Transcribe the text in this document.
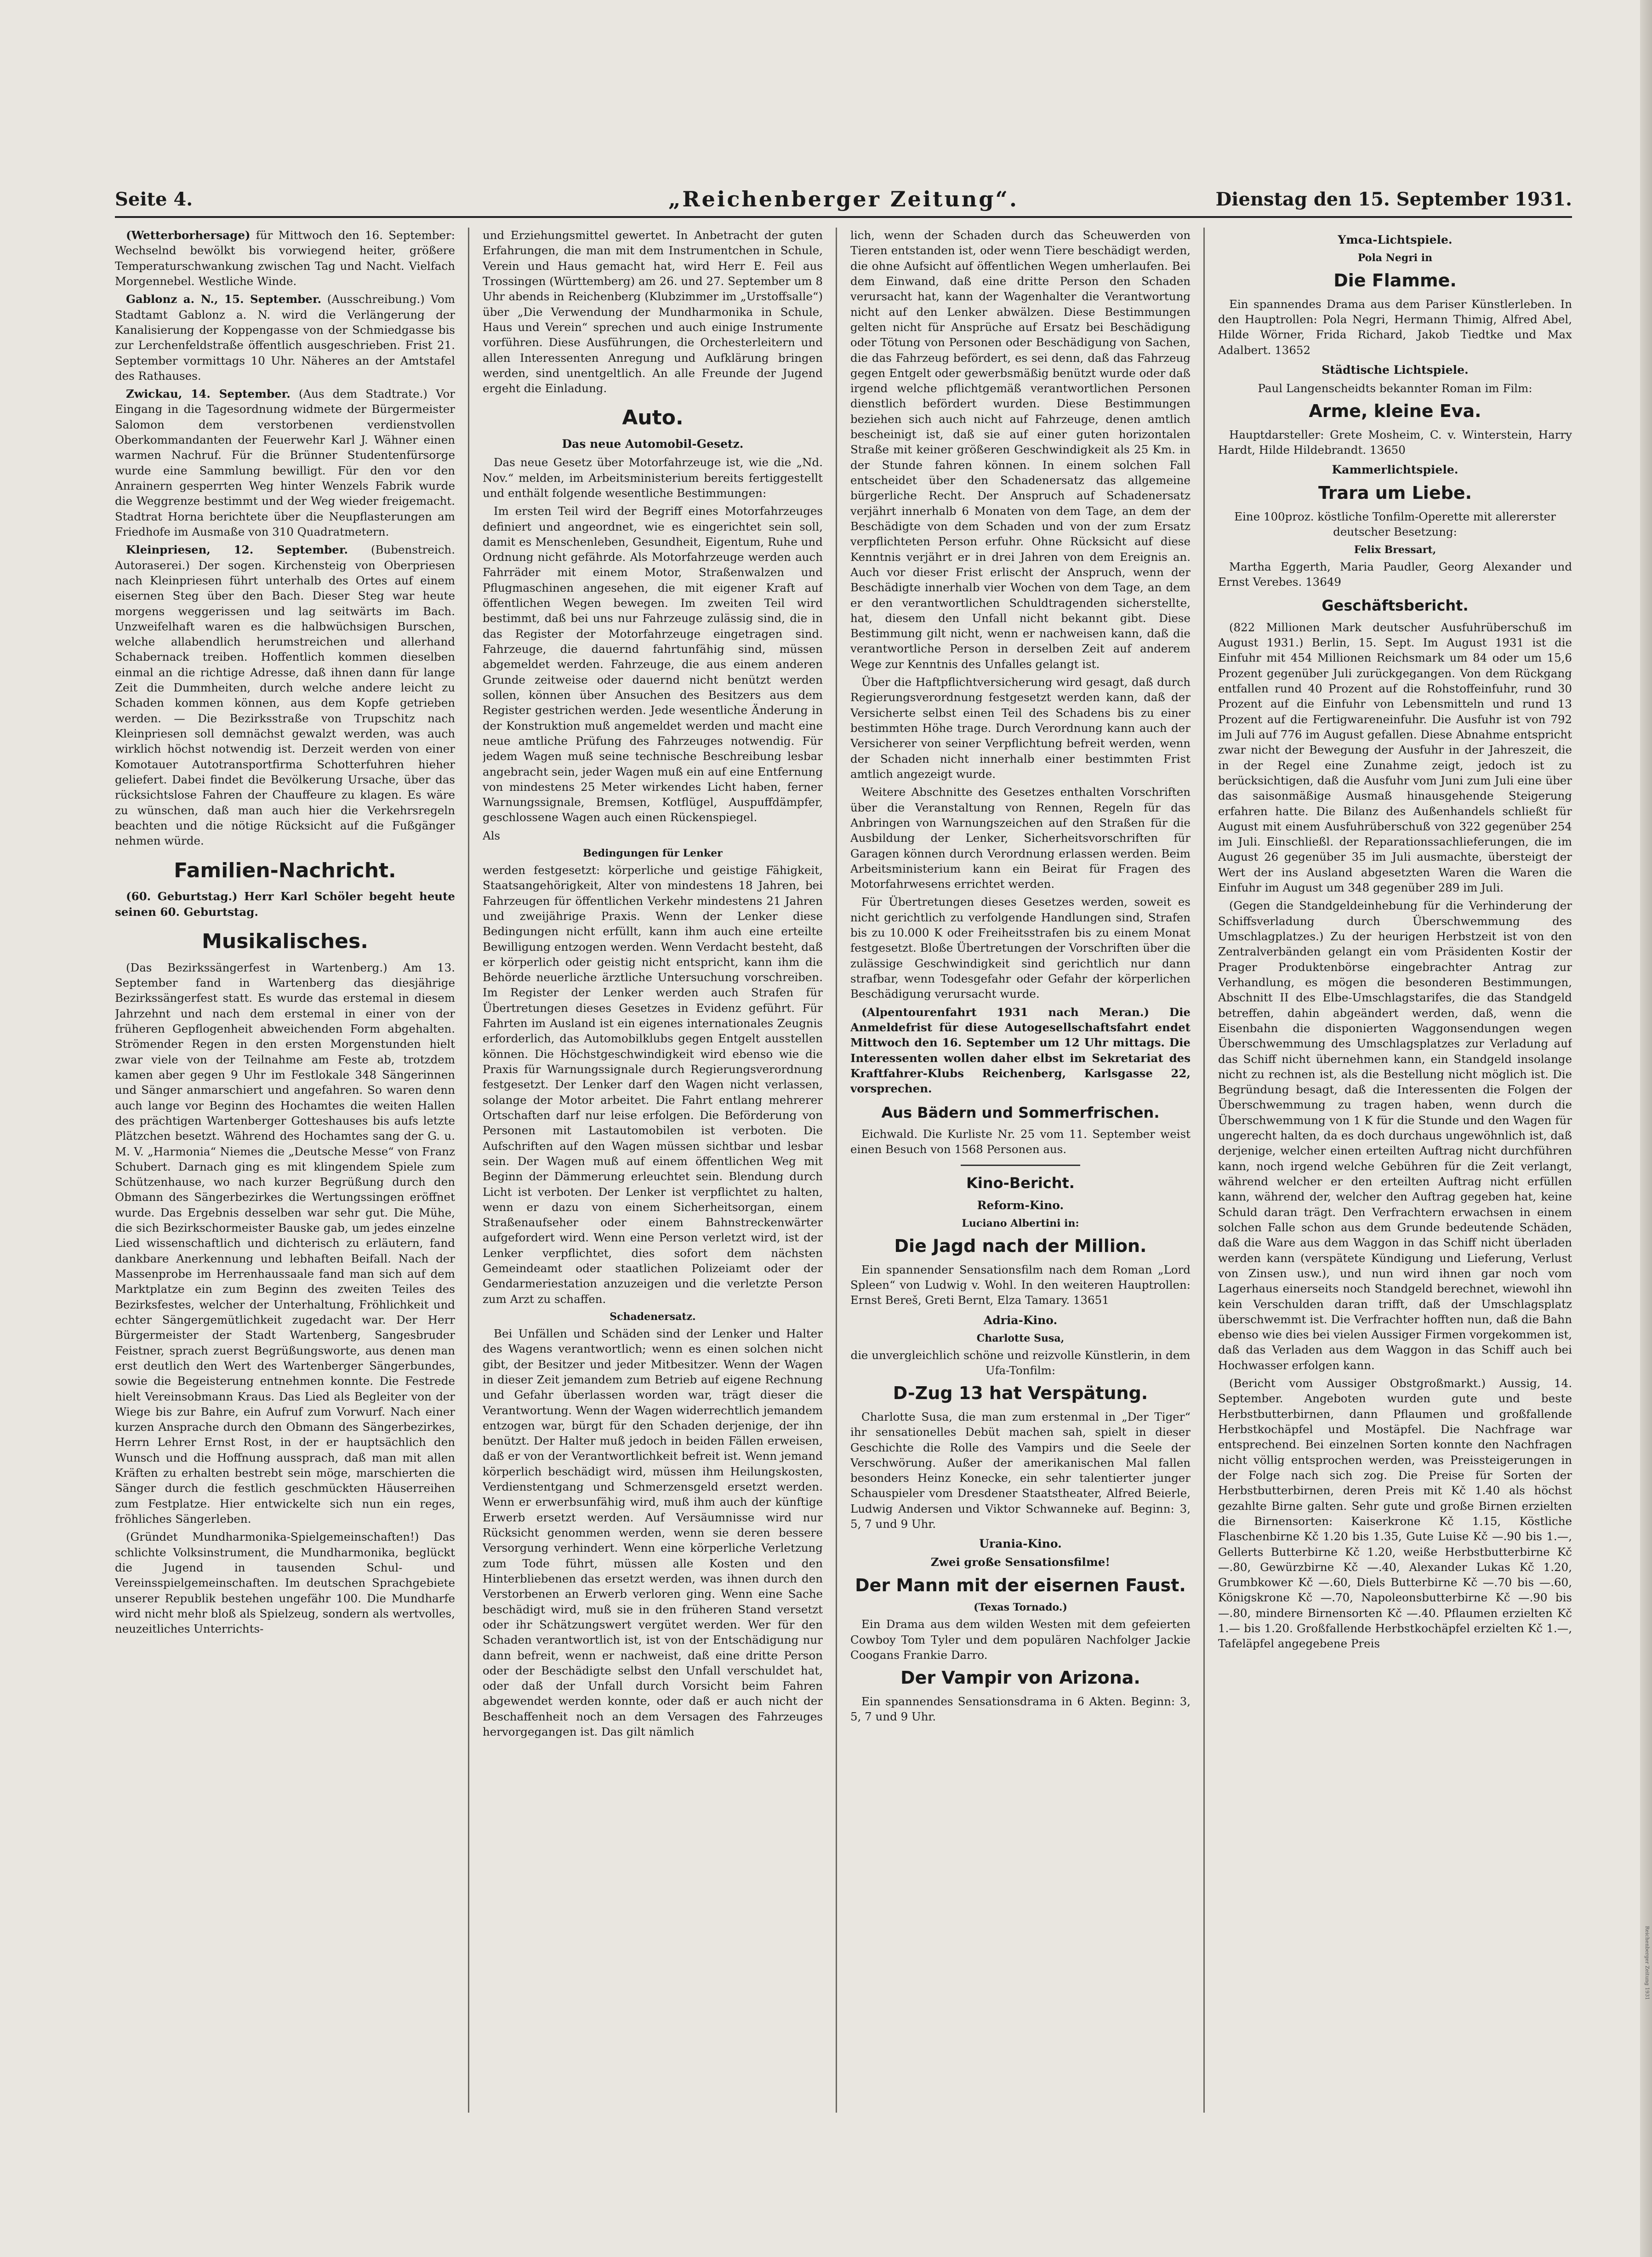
Seite 4.	„Reichenberger Zeitung“.	Dienstag den 15. September 1931.

(Wetterborhersage) für Mittwoch den 16. September: Wechselnd bewölkt bis vorwiegend heiter, größere Temperaturschwankung zwischen Tag und Nacht. Vielfach Morgennebel. Westliche Winde.

Gablonz a. N., 15. September. (Ausschreibung.) Vom Stadtamt Gablonz a. N. wird die Verlängerung der Kanalisierung der Koppengasse von der Schmiedgasse bis zur Lerchenfeldstraße öffentlich ausgeschrieben. Frist 21. September vormittags 10 Uhr. Näheres an der Amtstafel des Rathauses.

Zwickau, 14. September. (Aus dem Stadtrate.) Vor Eingang in die Tagesordnung widmete der Bürgermeister Salomon dem verstorbenen verdienstvollen Oberkommandanten der Feuerwehr Karl J. Wähner einen warmen Nachruf. Für die Brünner Studentenfürsorge wurde eine Sammlung bewilligt. Für den vor den Anrainern gesperrten Weg hinter Wenzels Fabrik wurde die Weggrenze bestimmt und der Weg wieder freigemacht. Stadtrat Horna berichtete über die Neupflasterungen am Friedhofe im Ausmaße von 310 Quadratmetern.

Kleinpriesen, 12. September. (Bubenstreich. Autoraserei.) Der sogen. Kirchensteig von Oberpriesen nach Kleinpriesen führt unterhalb des Ortes auf einem eisernen Steg über den Bach. Dieser Steg war heute morgens weggerissen und lag seitwärts im Bach. Unzweifelhaft waren es die halbwüchsigen Burschen, welche allabendlich herumstreichen und allerhand Schabernack treiben. Hoffentlich kommen dieselben einmal an die richtige Adresse, daß ihnen dann für lange Zeit die Dummheiten, durch welche andere leicht zu Schaden kommen können, aus dem Kopfe getrieben werden. — Die Bezirksstraße von Trupschitz nach Kleinpriesen soll demnächst gewalzt werden, was auch wirklich höchst notwendig ist. Derzeit werden von einer Komotauer Autotransportfirma Schotterfuhren hieher geliefert. Dabei findet die Bevölkerung Ursache, über das rücksichtslose Fahren der Chauffeure zu klagen. Es wäre zu wünschen, daß man auch hier die Verkehrsregeln beachten und die nötige Rücksicht auf die Fußgänger nehmen würde.

Familien-Nachricht.

(60. Geburtstag.) Herr Karl Schöler begeht heute seinen 60. Geburtstag.

Musikalisches.

(Das Bezirkssängerfest in Wartenberg.) Am 13. September fand in Wartenberg das diesjährige Bezirkssängerfest statt. Es wurde das erstemal in diesem Jahrzehnt und nach dem erstemal in einer von der früheren Gepflogenheit abweichenden Form abgehalten. Strömender Regen in den ersten Morgenstunden hielt zwar viele von der Teilnahme am Feste ab, trotzdem kamen aber gegen 9 Uhr im Festlokale 348 Sängerinnen und Sänger anmarschiert und angefahren. So waren denn auch lange vor Beginn des Hochamtes die weiten Hallen des prächtigen Wartenberger Gotteshauses bis aufs letzte Plätzchen besetzt. Während des Hochamtes sang der G. u. M. V. „Harmonia“ Niemes die „Deutsche Messe“ von Franz Schubert. Darnach ging es mit klingendem Spiele zum Schützenhause, wo nach kurzer Begrüßung durch den Obmann des Sängerbezirkes die Wertungssingen eröffnet wurde. Das Ergebnis desselben war sehr gut. Die Mühe, die sich Bezirkschormeister Bauske gab, um jedes einzelne Lied wissenschaftlich und dichterisch zu erläutern, fand dankbare Anerkennung und lebhaften Beifall. Nach der Massenprobe im Herrenhaussaale fand man sich auf dem Marktplatze ein zum Beginn des zweiten Teiles des Bezirksfestes, welcher der Unterhaltung, Fröhlichkeit und echter Sängergemütlichkeit zugedacht war. Der Herr Bürgermeister der Stadt Wartenberg, Sangesbruder Feistner, sprach zuerst Begrüßungsworte, aus denen man erst deutlich den Wert des Wartenberger Sängerbundes, sowie die Begeisterung entnehmen konnte. Die Festrede hielt Vereinsobmann Kraus. Das Lied als Begleiter von der Wiege bis zur Bahre, ein Aufruf zum Vorwurf. Nach einer kurzen Ansprache durch den Obmann des Sängerbezirkes, Herrn Lehrer Ernst Rost, in der er hauptsächlich den Wunsch und die Hoffnung aussprach, daß man mit allen Kräften zu erhalten bestrebt sein möge, marschierten die Sänger durch die festlich geschmückten Häuserreihen zum Festplatze. Hier entwickelte sich nun ein reges, fröhliches Sängerleben.

(Gründet Mundharmonika-Spielgemeinschaften!) Das schlichte Volksinstrument, die Mundharmonika, beglückt die Jugend in tausenden Schul- und Vereinsspielgemeinschaften. Im deutschen Sprachgebiete unserer Republik bestehen ungefähr 100. Die Mundharfe wird nicht mehr bloß als Spielzeug, sondern als wertvolles, neuzeitliches Unterrichts-

und Erziehungsmittel gewertet. In Anbetracht der guten Erfahrungen, die man mit dem Instrumentchen in Schule, Verein und Haus gemacht hat, wird Herr E. Feil aus Trossingen (Württemberg) am 26. und 27. September um 8 Uhr abends in Reichenberg (Klubzimmer im „Urstoffsalle“) über „Die Verwendung der Mundharmonika in Schule, Haus und Verein“ sprechen und auch einige Instrumente vorführen. Diese Ausführungen, die Orchesterleitern und allen Interessenten Anregung und Aufklärung bringen werden, sind unentgeltlich. An alle Freunde der Jugend ergeht die Einladung.

Auto.
Das neue Automobil-Gesetz.

Das neue Gesetz über Motorfahrzeuge ist, wie die „Nd. Nov.“ melden, im Arbeitsministerium bereits fertiggestellt und enthält folgende wesentliche Bestimmungen:

Im ersten Teil wird der Begriff eines Motorfahrzeuges definiert und angeordnet, wie es eingerichtet sein soll, damit es Menschenleben, Gesundheit, Eigentum, Ruhe und Ordnung nicht gefährde. Als Motorfahrzeuge werden auch Fahrräder mit einem Motor, Straßenwalzen und Pflugmaschinen angesehen, die mit eigener Kraft auf öffentlichen Wegen bewegen. Im zweiten Teil wird bestimmt, daß bei uns nur Fahrzeuge zulässig sind, die in das Register der Motorfahrzeuge eingetragen sind. Fahrzeuge, die dauernd fahrtunfähig sind, müssen abgemeldet werden. Fahrzeuge, die aus einem anderen Grunde zeitweise oder dauernd nicht benützt werden sollen, können über Ansuchen des Besitzers aus dem Register gestrichen werden. Jede wesentliche Änderung in der Konstruktion muß angemeldet werden und macht eine neue amtliche Prüfung des Fahrzeuges notwendig. Für jedem Wagen muß seine technische Beschreibung lesbar angebracht sein, jeder Wagen muß ein auf eine Entfernung von mindestens 25 Meter wirkendes Licht haben, ferner Warnungssignale, Bremsen, Kotflügel, Auspuffdämpfer, geschlossene Wagen auch einen Rückenspiegel.

Als

Bedingungen für Lenker

werden festgesetzt: körperliche und geistige Fähigkeit, Staatsangehörigkeit, Alter von mindestens 18 Jahren, bei Fahrzeugen für öffentlichen Verkehr mindestens 21 Jahren und zweijährige Praxis. Wenn der Lenker diese Bedingungen nicht erfüllt, kann ihm auch eine erteilte Bewilligung entzogen werden. Wenn Verdacht besteht, daß er körperlich oder geistig nicht entspricht, kann ihm die Behörde neuerliche ärztliche Untersuchung vorschreiben. Im Register der Lenker werden auch Strafen für Übertretungen dieses Gesetzes in Evidenz geführt. Für Fahrten im Ausland ist ein eigenes internationales Zeugnis erforderlich, das Automobilklubs gegen Entgelt ausstellen können. Die Höchstgeschwindigkeit wird ebenso wie die Praxis für Warnungssignale durch Regierungsverordnung festgesetzt. Der Lenker darf den Wagen nicht verlassen, solange der Motor arbeitet. Die Fahrt entlang mehrerer Ortschaften darf nur leise erfolgen. Die Beförderung von Personen mit Lastautomobilen ist verboten. Die Aufschriften auf den Wagen müssen sichtbar und lesbar sein. Der Wagen muß auf einem öffentlichen Weg mit Beginn der Dämmerung erleuchtet sein. Blendung durch Licht ist verboten. Der Lenker ist verpflichtet zu halten, wenn er dazu von einem Sicherheitsorgan, einem Straßenaufseher oder einem Bahnstreckenwärter aufgefordert wird. Wenn eine Person verletzt wird, ist der Lenker verpflichtet, dies sofort dem nächsten Gemeindeamt oder staatlichen Polizeiamt oder der Gendarmeriestation anzuzeigen und die verletzte Person zum Arzt zu schaffen.

Schadenersatz.

Bei Unfällen und Schäden sind der Lenker und Halter des Wagens verantwortlich; wenn es einen solchen nicht gibt, der Besitzer und jeder Mitbesitzer. Wenn der Wagen in dieser Zeit jemandem zum Betrieb auf eigene Rechnung und Gefahr überlassen worden war, trägt dieser die Verantwortung. Wenn der Wagen widerrechtlich jemandem entzogen war, bürgt für den Schaden derjenige, der ihn benützt. Der Halter muß jedoch in beiden Fällen erweisen, daß er von der Verantwortlichkeit befreit ist. Wenn jemand körperlich beschädigt wird, müssen ihm Heilungskosten, Verdienstentgang und Schmerzensgeld ersetzt werden. Wenn er erwerbsunfähig wird, muß ihm auch der künftige Erwerb ersetzt werden. Auf Versäumnisse wird nur Rücksicht genommen werden, wenn sie deren bessere Versorgung verhindert. Wenn eine körperliche Verletzung zum Tode führt, müssen alle Kosten und den Hinterbliebenen das ersetzt werden, was ihnen durch den Verstorbenen an Erwerb verloren ging. Wenn eine Sache beschädigt wird, muß sie in den früheren Stand versetzt oder ihr Schätzungswert vergütet werden. Wer für den Schaden verantwortlich ist, ist von der Entschädigung nur dann befreit, wenn er nachweist, daß eine dritte Person oder der Beschädigte selbst den Unfall verschuldet hat, oder daß der Unfall durch Vorsicht beim Fahren abgewendet werden konnte, oder daß er auch nicht der Beschaffenheit noch an dem Versagen des Fahrzeuges hervorgegangen ist. Das gilt nämlich

lich, wenn der Schaden durch das Scheuwerden von Tieren entstanden ist, oder wenn Tiere beschädigt werden, die ohne Aufsicht auf öffentlichen Wegen umherlaufen. Bei dem Einwand, daß eine dritte Person den Schaden verursacht hat, kann der Wagenhalter die Verantwortung nicht auf den Lenker abwälzen. Diese Bestimmungen gelten nicht für Ansprüche auf Ersatz bei Beschädigung oder Tötung von Personen oder Beschädigung von Sachen, die das Fahrzeug befördert, es sei denn, daß das Fahrzeug gegen Entgelt oder gewerbsmäßig benützt wurde oder daß irgend welche pflichtgemäß verantwortlichen Personen dienstlich befördert wurden. Diese Bestimmungen beziehen sich auch nicht auf Fahrzeuge, denen amtlich bescheinigt ist, daß sie auf einer guten horizontalen Straße mit keiner größeren Geschwindigkeit als 25 Km. in der Stunde fahren können. In einem solchen Fall entscheidet über den Schadenersatz das allgemeine bürgerliche Recht. Der Anspruch auf Schadenersatz verjährt innerhalb 6 Monaten von dem Tage, an dem der Beschädigte von dem Schaden und von der zum Ersatz verpflichteten Person erfuhr. Ohne Rücksicht auf diese Kenntnis verjährt er in drei Jahren von dem Ereignis an. Auch vor dieser Frist erlischt der Anspruch, wenn der Beschädigte innerhalb vier Wochen von dem Tage, an dem er den verantwortlichen Schuldtragenden sicherstellte, hat, diesem den Unfall nicht bekannt gibt. Diese Bestimmung gilt nicht, wenn er nachweisen kann, daß die verantwortliche Person in derselben Zeit auf anderem Wege zur Kenntnis des Unfalles gelangt ist.

Über die Haftpflichtversicherung wird gesagt, daß durch Regierungsverordnung festgesetzt werden kann, daß der Versicherte selbst einen Teil des Schadens bis zu einer bestimmten Höhe trage. Durch Verordnung kann auch der Versicherer von seiner Verpflichtung befreit werden, wenn der Schaden nicht innerhalb einer bestimmten Frist amtlich angezeigt wurde.

Weitere Abschnitte des Gesetzes enthalten Vorschriften über die Veranstaltung von Rennen, Regeln für das Anbringen von Warnungszeichen auf den Straßen für die Ausbildung der Lenker, Sicherheitsvorschriften für Garagen können durch Verordnung erlassen werden. Beim Arbeitsministerium kann ein Beirat für Fragen des Motorfahrwesens errichtet werden.

Für Übertretungen dieses Gesetzes werden, soweit es nicht gerichtlich zu verfolgende Handlungen sind, Strafen bis zu 10.000 K oder Freiheitsstrafen bis zu einem Monat festgesetzt. Bloße Übertretungen der Vorschriften über die zulässige Geschwindigkeit sind gerichtlich nur dann strafbar, wenn Todesgefahr oder Gefahr der körperlichen Beschädigung verursacht wurde.

(Alpentourenfahrt 1931 nach Meran.) Die Anmeldefrist für diese Autogesellschaftsfahrt endet Mittwoch den 16. September um 12 Uhr mittags. Die Interessenten wollen daher elbst im Sekretariat des Kraftfahrer-Klubs Reichenberg, Karlsgasse 22, vorsprechen.

Aus Bädern und Sommerfrischen.

Eichwald. Die Kurliste Nr. 25 vom 11. September weist einen Besuch von 1568 Personen aus.

Kino-Bericht.
Reform-Kino.
Luciano Albertini in:
Die Jagd nach der Million.

Ein spannender Sensationsfilm nach dem Roman „Lord Spleen“ von Ludwig v. Wohl. In den weiteren Hauptrollen: Ernst Bereš, Greti Bernt, Elza Tamary. 13651

Adria-Kino.
Charlotte Susa,

die unvergleichlich schöne und reizvolle Künstlerin, in dem Ufa-Tonfilm:

D-Zug 13 hat Verspätung.

Charlotte Susa, die man zum erstenmal in „Der Tiger“ ihr sensationelles Debüt machen sah, spielt in dieser Geschichte die Rolle des Vampirs und die Seele der Verschwörung. Außer der amerikanischen Mal fallen besonders Heinz Konecke, ein sehr talentierter junger Schauspieler vom Dresdener Staatstheater, Alfred Beierle, Ludwig Andersen und Viktor Schwanneke auf. Beginn: 3, 5, 7 und 9 Uhr.

Urania-Kino.

Zwei große Sensationsfilme!

Der Mann mit der eisernen Faust.
(Texas Tornado.)

Ein Drama aus dem wilden Westen mit dem gefeierten Cowboy Tom Tyler und dem populären Nachfolger Jackie Coogans Frankie Darro.

Der Vampir von Arizona.

Ein spannendes Sensationsdrama in 6 Akten. Beginn: 3, 5, 7 und 9 Uhr.

Ymca-Lichtspiele.
Pola Negri in
Die Flamme.

Ein spannendes Drama aus dem Pariser Künstlerleben. In den Hauptrollen: Pola Negri, Hermann Thimig, Alfred Abel, Hilde Wörner, Frida Richard, Jakob Tiedtke und Max Adalbert. 13652

Städtische Lichtspiele.

Paul Langenscheidts bekannter Roman im Film:

Arme, kleine Eva.

Hauptdarsteller: Grete Mosheim, C. v. Winterstein, Harry Hardt, Hilde Hildebrandt. 13650

Kammerlichtspiele.
Trara um Liebe.

Eine 100proz. köstliche Tonfilm-Operette mit allererster deutscher Besetzung:

Felix Bressart,

Martha Eggerth, Maria Paudler, Georg Alexander und Ernst Verebes. 13649

Geschäftsbericht.

(822 Millionen Mark deutscher Ausfuhrüberschuß im August 1931.) Berlin, 15. Sept. Im August 1931 ist die Einfuhr mit 454 Millionen Reichsmark um 84 oder um 15,6 Prozent gegenüber Juli zurückgegangen. Von dem Rückgang entfallen rund 40 Prozent auf die Rohstoffeinfuhr, rund 30 Prozent auf die Einfuhr von Lebensmitteln und rund 13 Prozent auf die Fertigwareneinfuhr. Die Ausfuhr ist von 792 im Juli auf 776 im August gefallen. Diese Abnahme entspricht zwar nicht der Bewegung der Ausfuhr in der Jahreszeit, die in der Regel eine Zunahme zeigt, jedoch ist zu berücksichtigen, daß die Ausfuhr vom Juni zum Juli eine über das saisonmäßige Ausmaß hinausgehende Steigerung erfahren hatte. Die Bilanz des Außenhandels schließt für August mit einem Ausfuhrüberschuß von 322 gegenüber 254 im Juli. Einschließl. der Reparationssachlieferungen, die im August 26 gegenüber 35 im Juli ausmachte, übersteigt der Wert der ins Ausland abgesetzten Waren die Waren die Einfuhr im August um 348 gegenüber 289 im Juli.

(Gegen die Standgeldeinhebung für die Verhinderung der Schiffsverladung durch Überschwemmung des Umschlagplatzes.) Zu der heurigen Herbstzeit ist von den Zentralverbänden gelangt ein vom Präsidenten Kostir der Prager Produktenbörse eingebrachter Antrag zur Verhandlung, es mögen die besonderen Bestimmungen, Abschnitt II des Elbe-Umschlagstarifes, die das Standgeld betreffen, dahin abgeändert werden, daß, wenn die Eisenbahn die disponierten Waggonsendungen wegen Überschwemmung des Umschlagsplatzes zur Verladung auf das Schiff nicht übernehmen kann, ein Standgeld insolange nicht zu rechnen ist, als die Bestellung nicht möglich ist. Die Begründung besagt, daß die Interessenten die Folgen der Überschwemmung zu tragen haben, wenn durch die Überschwemmung von 1 K für die Stunde und den Wagen für ungerecht halten, da es doch durchaus ungewöhnlich ist, daß derjenige, welcher einen erteilten Auftrag nicht durchführen kann, noch irgend welche Gebühren für die Zeit verlangt, während welcher er den erteilten Auftrag nicht erfüllen kann, während der, welcher den Auftrag gegeben hat, keine Schuld daran trägt. Den Verfrachtern erwachsen in einem solchen Falle schon aus dem Grunde bedeutende Schäden, daß die Ware aus dem Waggon in das Schiff nicht überladen werden kann (verspätete Kündigung und Lieferung, Verlust von Zinsen usw.), und nun wird ihnen gar noch vom Lagerhaus einerseits noch Standgeld berechnet, wiewohl ihn kein Verschulden daran trifft, daß der Umschlagsplatz überschwemmt ist. Die Verfrachter hofften nun, daß die Bahn ebenso wie dies bei vielen Aussiger Firmen vorgekommen ist, daß das Verladen aus dem Waggon in das Schiff auch bei Hochwasser erfolgen kann.

(Bericht vom Aussiger Obstgroßmarkt.) Aussig, 14. September. Angeboten wurden gute und beste Herbstbutterbirnen, dann Pflaumen und großfallende Herbstkochäpfel und Mostäpfel. Die Nachfrage war entsprechend. Bei einzelnen Sorten konnte den Nachfragen nicht völlig entsprochen werden, was Preissteigerungen in der Folge nach sich zog. Die Preise für Sorten der Herbstbutterbirnen, deren Preis mit Kč 1.40 als höchst gezahlte Birne galten. Sehr gute und große Birnen erzielten die Birnensorten: Kaiserkrone Kč 1.15, Köstliche Flaschenbirne Kč 1.20 bis 1.35, Gute Luise Kč —.90 bis 1.—, Gellerts Butterbirne Kč 1.20, weiße Herbstbutterbirne Kč —.80, Gewürzbirne Kč —.40, Alexander Lukas Kč 1.20, Grumbkower Kč —.60, Diels Butterbirne Kč —.70 bis —.60, Königskrone Kč —.70, Napoleonsbutterbirne Kč —.90 bis —.80, mindere Birnensorten Kč —.40. Pflaumen erzielten Kč 1.— bis 1.20. Großfallende Herbstkochäpfel erzielten Kč 1.—, Tafeläpfel angegebene Preis

Reichenberger Zeitung 1931
